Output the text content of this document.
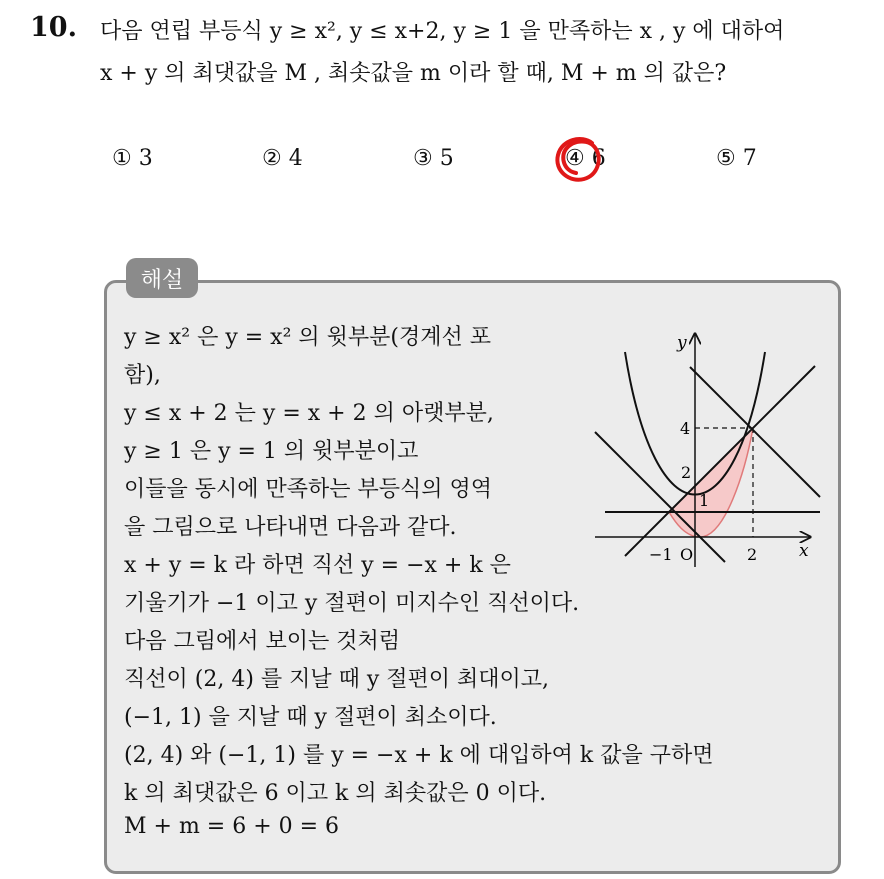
10. 다음 연립 부등식 y ≥ x², y ≤ x+2, y ≥ 1 을 만족하는 x , y 에 대하여
x + y 의 최댓값을 M , 최솟값을 m 이라 할 때, M + m 의 값은?
① 3	② 4	③ 5	④ 6	⑤ 7
해설
y ≥ x² 은 y = x² 의 윗부분(경계선 포
함),
y ≤ x + 2 는 y = x + 2 의 아랫부분,
y ≥ 1 은 y = 1 의 윗부분이고
이들을 동시에 만족하는 부등식의 영역
을 그림으로 나타내면 다음과 같다.
x + y = k 라 하면 직선 y = −x + k 은
기울기가 −1 이고 y 절편이 미지수인 직선이다.
다음 그림에서 보이는 것처럼
직선이 (2, 4) 를 지날 때 y 절편이 최대이고,
(−1, 1) 을 지날 때 y 절편이 최소이다.
(2, 4) 와 (−1, 1) 를 y = −x + k 에 대입하여 k 값을 구하면
k 의 최댓값은 6 이고 k 의 최솟값은 0 이다.
M + m = 6 + 0 = 6
x
y
4
2
1
2
−1 O
